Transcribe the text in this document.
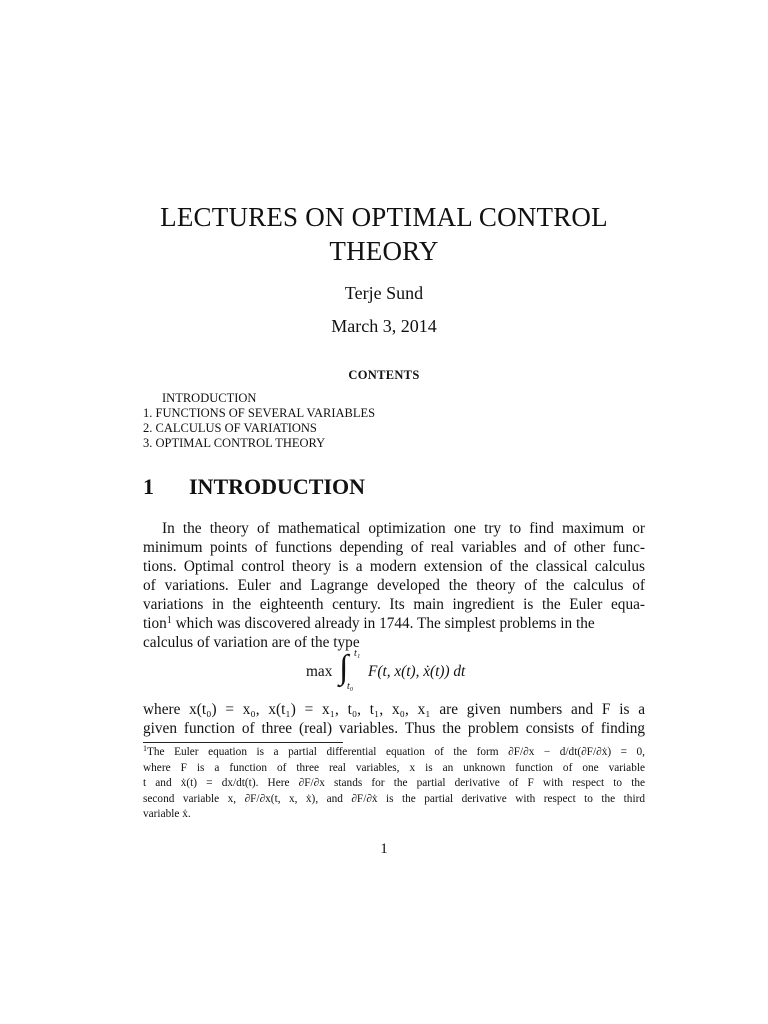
LECTURES ON OPTIMAL CONTROL
THEORY
Terje Sund
March 3, 2014
CONTENTS
INTRODUCTION
1. FUNCTIONS OF SEVERAL VARIABLES
2. CALCULUS OF VARIATIONS
3. OPTIMAL CONTROL THEORY
1 INTRODUCTION
In the theory of mathematical optimization one try to find maximum or
minimum points of functions depending of real variables and of other func-
tions. Optimal control theory is a modern extension of the classical calculus
of variations. Euler and Lagrange developed the theory of the calculus of
variations in the eighteenth century. Its main ingredient is the Euler equa-
tion$^1$ which was discovered already in 1744. The simplest problems in the
calculus of variation are of the type
max ∫ t₁
t₀
F(t, x(t), ẋ(t)) dt
where x(t₀) = x₀, x(t₁) = x₁, t₀, t₁, x₀, x₁ are given numbers and F is a
given function of three (real) variables. Thus the problem consists of finding
$^1$The Euler equation is a partial differential equation of the form ∂F/∂x − d/dt(∂F/∂ẋ) = 0,
where F is a function of three real variables, x is an unknown function of one variable
t and ẋ(t) = dx/dt(t). Here ∂F/∂x stands for the partial derivative of F with respect to the
second variable x, ∂F/∂x(t, x, ẋ), and ∂F/∂ẋ is the partial derivative with respect to the third
variable ẋ.
1
